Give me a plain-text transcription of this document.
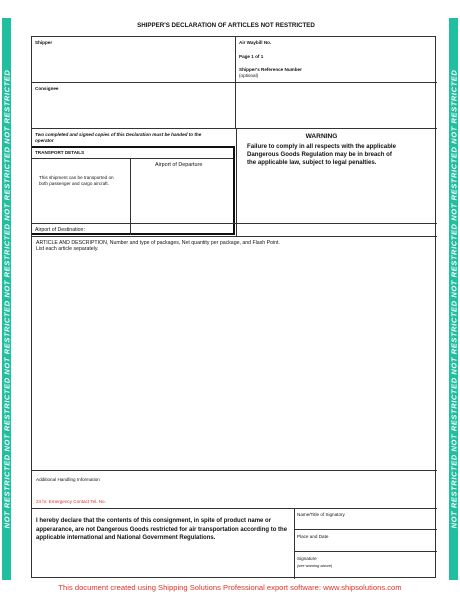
NOT RESTRICTED NOT RESTRICTED NOT RESTRICTED NOT RESTRICTED NOT RESTRICTED NOT RESTRICTED	NOT RESTRICTED NOT RESTRICTED NOT RESTRICTED NOT RESTRICTED NOT RESTRICTED NOT RESTRICTED
SHIPPER'S DECLARATION OF ARTICLES NOT RESTRICTED
Shipper	Air Waybill No.
Page 1 of 1
Shipper's Reference Number
(optional)
Consignee
Two completed and signed copies of this Declaration must be handed to the operator
TRANSPORT DETAILS
This shipment can be transported on both passenger and cargo aircraft.
Airport of Departure
WARNING
Failure to comply in all respects with the applicable Dangerous Goods Regulation may be in breach of the applicable law, subject to legal penalties.
Airport of Destination:
ARTICLE AND DESCRIPTION, Number and type of packages, Net quantity per package, and Flash Point.
List each article separately.
Additional Handling Information
24 hr. Emergency Contact Tel. No.
I hereby declare that the contents of this consignment, in spite of product name or apperarance, are not Dangerous Goods restricted for air transportation according to the applicable international and National Government Regulations.
Name/Title of Signatory
Place and Date
Signature
(see warning above)
This document created using Shipping Solutions Professional export software: www.shipsolutions.com
